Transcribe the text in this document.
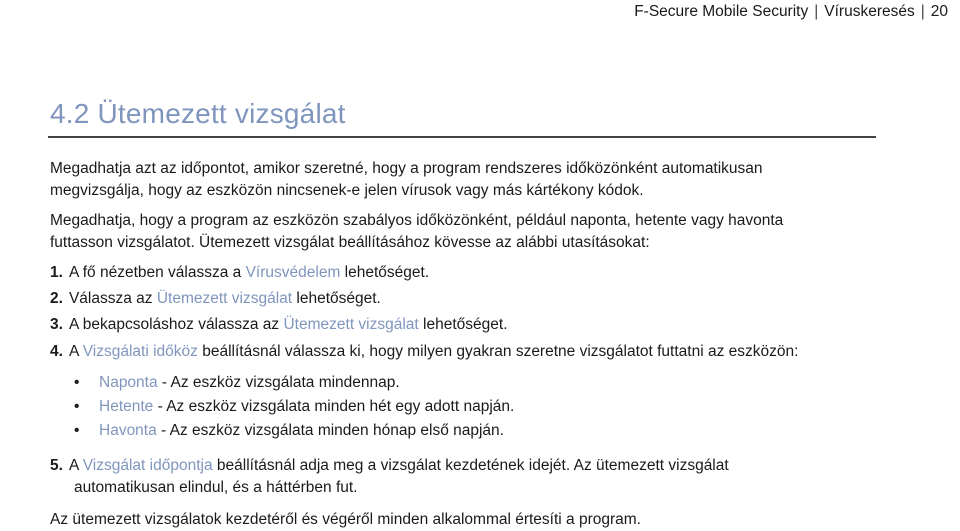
F-Secure Mobile Security | Víruskeresés | 20
4.2 Ütemezett vizsgálat
Megadhatja azt az időpontot, amikor szeretné, hogy a program rendszeres időközönként automatikusan
megvizsgálja, hogy az eszközön nincsenek-e jelen vírusok vagy más kártékony kódok.
Megadhatja, hogy a program az eszközön szabályos időközönként, például naponta, hetente vagy havonta
futtasson vizsgálatot. Ütemezett vizsgálat beállításához kövesse az alábbi utasításokat:
1. A fő nézetben válassza a Vírusvédelem lehetőséget.
2. Válassza az Ütemezett vizsgálat lehetőséget.
3. A bekapcsoláshoz válassza az Ütemezett vizsgálat lehetőséget.
4. A Vizsgálati időköz beállításnál válassza ki, hogy milyen gyakran szeretne vizsgálatot futtatni az eszközön:
• Naponta - Az eszköz vizsgálata mindennap.
• Hetente - Az eszköz vizsgálata minden hét egy adott napján.
• Havonta - Az eszköz vizsgálata minden hónap első napján.
5. A Vizsgálat időpontja beállításnál adja meg a vizsgálat kezdetének idejét. Az ütemezett vizsgálat
automatikusan elindul, és a háttérben fut.
Az ütemezett vizsgálatok kezdetéről és végéről minden alkalommal értesíti a program.
